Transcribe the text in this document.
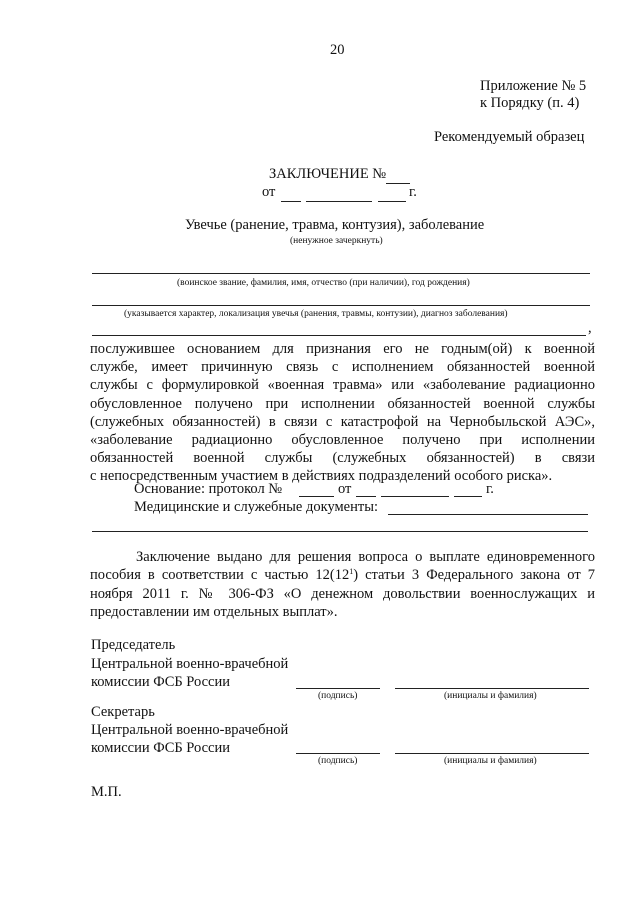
20
Приложение № 5
к Порядку (п. 4)
Рекомендуемый образец
ЗАКЛЮЧЕНИЕ №
от	г.
Увечье (ранение, травма, контузия), заболевание
(ненужное зачеркнуть)
(воинское звание, фамилия, имя, отчество (при наличии), год рождения)
(указывается характер, локализация увечья (ранения, травмы, контузии), диагноз заболевания)
,
послужившее основанием для признания его не годным(ой) к военной
службе, имеет причинную связь с исполнением обязанностей военной
службы с формулировкой «военная травма» или «заболевание радиационно
обусловленное получено при исполнении обязанностей военной службы
(служебных обязанностей) в связи с катастрофой на Чернобыльской АЭС»,
«заболевание радиационно обусловленное получено при исполнении
обязанностей военной службы (служебных обязанностей) в связи
с непосредственным участием в действиях подразделений особого риска».
Основание: протокол №	от	г.
Медицинские и служебные документы:
Заключение выдано для решения вопроса о выплате единовременного пособия в соответствии с частью $12(12^1)$ статьи 3 Федерального закона от 7 ноября 2011 г. № 306-ФЗ «О денежном довольствии военнослужащих и предоставлении им отдельных выплат».
Председатель
Центральной военно-врачебной
комиссии ФСБ России
(подпись)	(инициалы и фамилия)
Секретарь
Центральной военно-врачебной
комиссии ФСБ России
(подпись)	(инициалы и фамилия)
М.П.
